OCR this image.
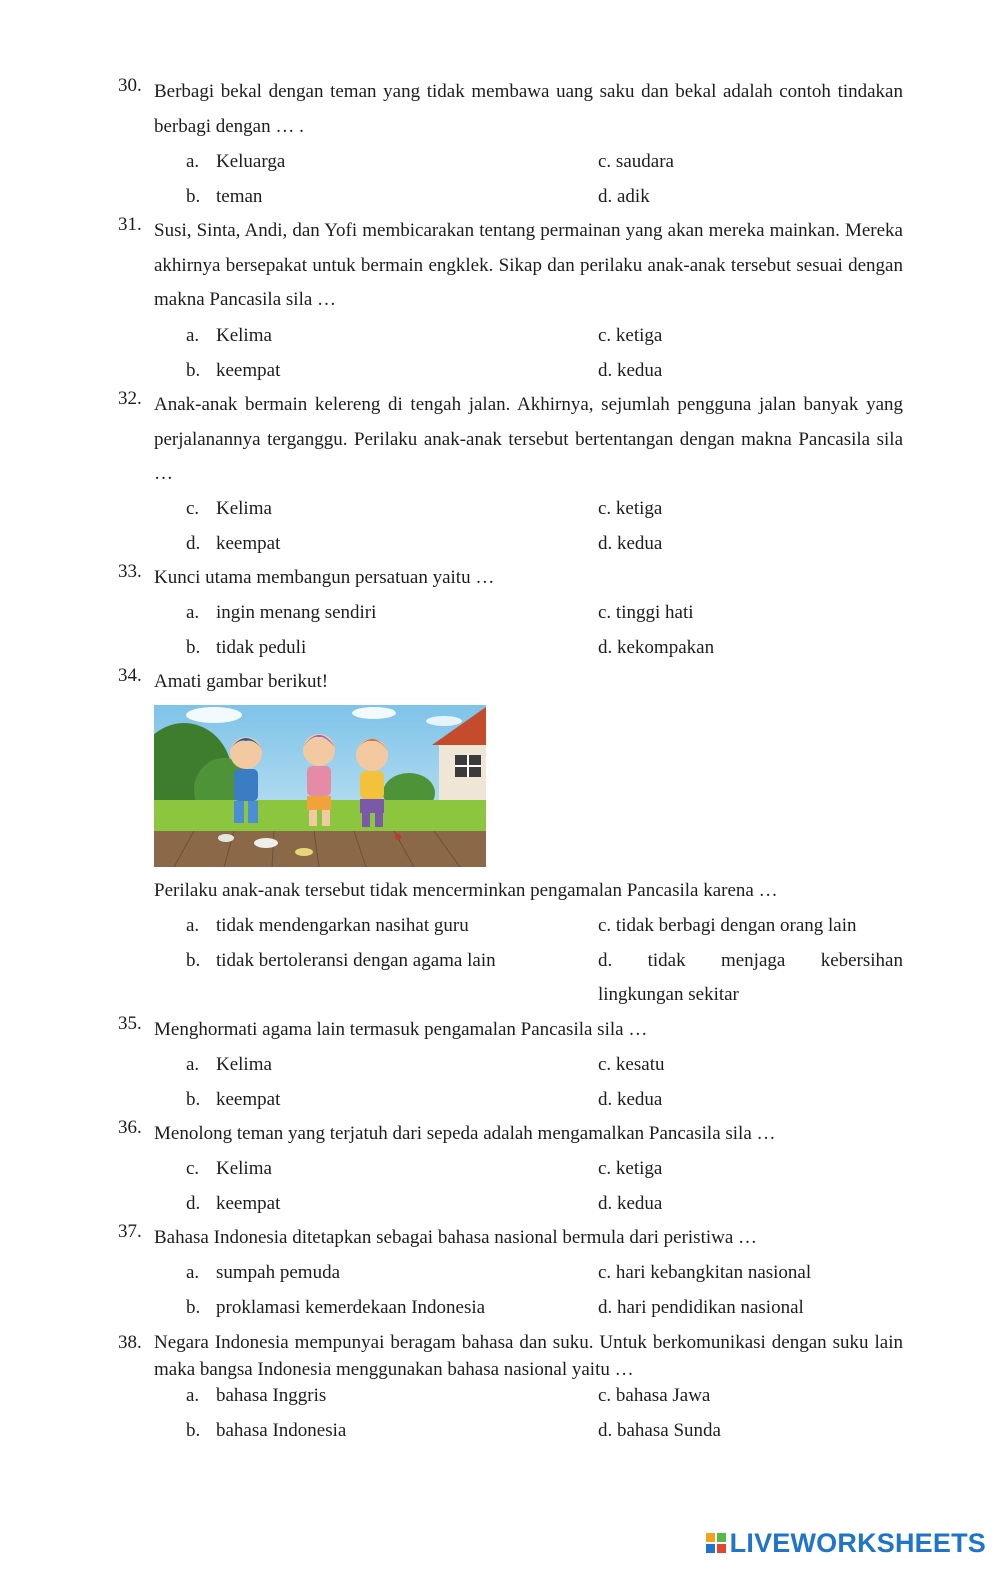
30. Berbagi bekal dengan teman yang tidak membawa uang saku dan bekal adalah contoh tindakan berbagi dengan … .
a. Keluarga	c. saudara
b. teman	d. adik
31. Susi, Sinta, Andi, dan Yofi membicarakan tentang permainan yang akan mereka mainkan. Mereka akhirnya bersepakat untuk bermain engklek. Sikap dan perilaku anak-anak tersebut sesuai dengan makna Pancasila sila …
a. Kelima	c. ketiga
b. keempat	d. kedua
32. Anak-anak bermain kelereng di tengah jalan. Akhirnya, sejumlah pengguna jalan banyak yang perjalanannya terganggu. Perilaku anak-anak tersebut bertentangan dengan makna Pancasila sila …
c. Kelima	c. ketiga
d. keempat	d. kedua
33. Kunci utama membangun persatuan yaitu …
a. ingin menang sendiri	c. tinggi hati
b. tidak peduli	d. kekompakan
34. Amati gambar berikut!
Perilaku anak-anak tersebut tidak mencerminkan pengamalan Pancasila karena …
a. tidak mendengarkan nasihat guru	c. tidak berbagi dengan orang lain
b. tidak bertoleransi dengan agama lain	d. tidak menjaga kebersihan
lingkungan sekitar
35. Menghormati agama lain termasuk pengamalan Pancasila sila …
a. Kelima	c. kesatu
b. keempat	d. kedua
36. Menolong teman yang terjatuh dari sepeda adalah mengamalkan Pancasila sila …
c. Kelima	c. ketiga
d. keempat	d. kedua
37. Bahasa Indonesia ditetapkan sebagai bahasa nasional bermula dari peristiwa …
a. sumpah pemuda	c. hari kebangkitan nasional
b. proklamasi kemerdekaan Indonesia	d. hari pendidikan nasional
38. Negara Indonesia mempunyai beragam bahasa dan suku. Untuk berkomunikasi dengan suku lain maka bangsa Indonesia menggunakan bahasa nasional yaitu …
a. bahasa Inggris	c. bahasa Jawa
b. bahasa Indonesia	d. bahasa Sunda
LIVEWORKSHEETS
